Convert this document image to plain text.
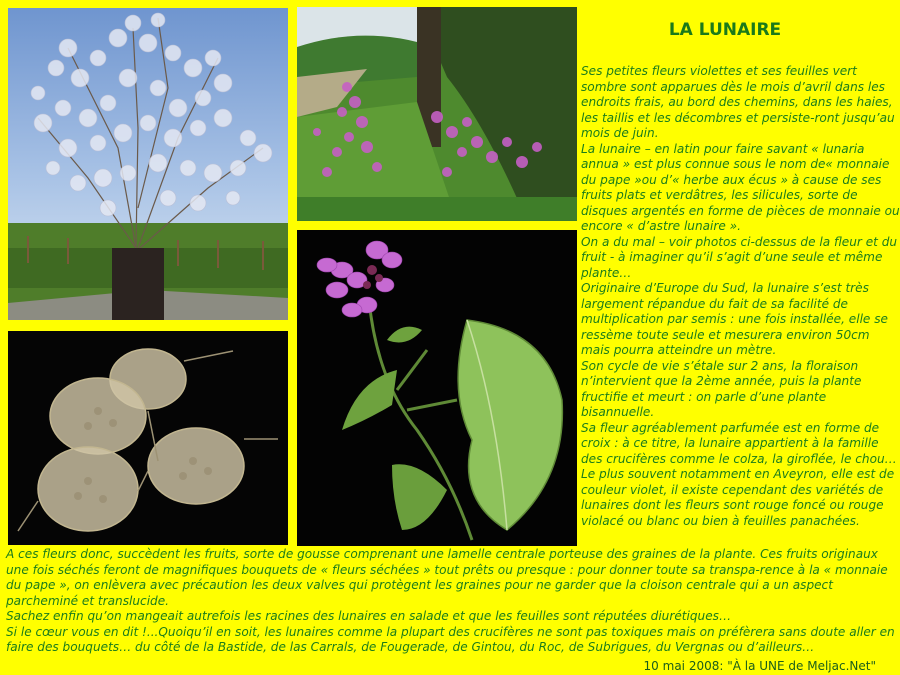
LA LUNAIRE

Ses petites fleurs violettes et ses feuilles vert sombre sont apparues dès le mois d’avril dans les endroits frais, au bord des chemins, dans les haies, les taillis et les décombres et persiste-ront jusqu’au mois de juin.

La lunaire – en latin pour faire savant « lunaria annua » est plus connue sous le nom de« monnaie du pape »ou d’« herbe aux écus » à cause de ses fruits plats et verdâtres, les silicules, sorte de disques argentés en forme de pièces de monnaie ou encore « d’astre lunaire ».

On a du mal – voir photos ci-dessus de la fleur et du fruit - à imaginer qu’il s’agit d’une seule et même plante…

Originaire d’Europe du Sud, la lunaire s’est très largement répandue du fait de sa facilité de multiplication par semis : une fois installée, elle se ressème toute seule et mesurera environ 50cm mais pourra atteindre un mètre.

Son cycle de vie s’étale sur 2 ans, la floraison n’intervient que la 2ème année, puis la plante fructifie et meurt : on parle d’une plante bisannuelle.

Sa fleur agréablement parfumée est en forme de croix : à ce titre, la lunaire appartient à la famille des crucifères comme le colza, la giroflée, le chou… Le plus souvent notamment en Aveyron, elle est de couleur violet, il existe cependant des variétés de lunaires dont les fleurs sont rouge foncé ou rouge violacé ou blanc ou bien à feuilles panachées.

A ces fleurs donc, succèdent les fruits, sorte de gousse comprenant une lamelle centrale porteuse des graines de la plante. Ces fruits originaux une fois séchés feront de magnifiques bouquets de « fleurs séchées » tout prêts ou presque : pour donner toute sa transpa-rence à la « monnaie du pape », on enlèvera avec précaution les deux valves qui protègent les graines pour ne garder que la cloison centrale qui a un aspect parcheminé et translucide.

Sachez enfin qu’on mangeait autrefois les racines des lunaires en salade et que les feuilles sont réputées diurétiques…

Si le cœur vous en dit !...Quoiqu’il en soit, les lunaires comme la plupart des crucifères ne sont pas toxiques mais on préfèrera sans doute aller en faire des bouquets… du côté de la Bastide, de las Carrals, de Fougerade, de Gintou, du Roc, de Subrigues, du Vergnas ou d’ailleurs…

10 mai 2008: "À la UNE de Meljac.Net"
